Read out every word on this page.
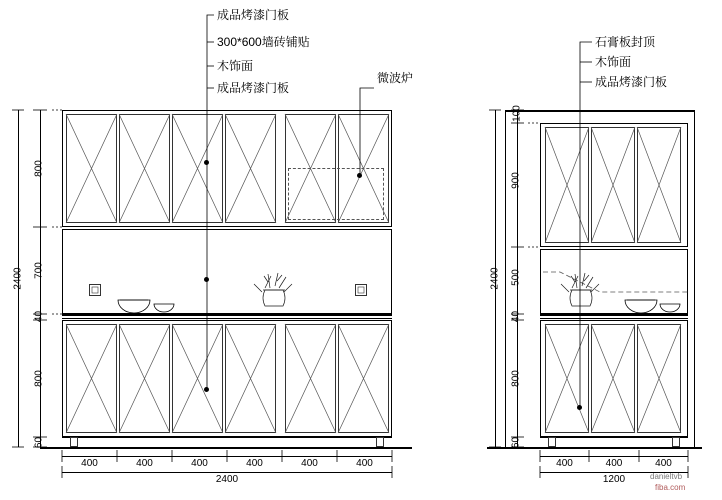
成品烤漆门板
300*600墙砖铺贴
木饰面
成品烤漆门板
微波炉
800
700
40
800
60
2400
400	400	400	400	400	400
2400
石膏板封顶
木饰面
成品烤漆门板
100
900
500
40
800
60
2400
400	400	400
1200	danieltvb
fiba.com
